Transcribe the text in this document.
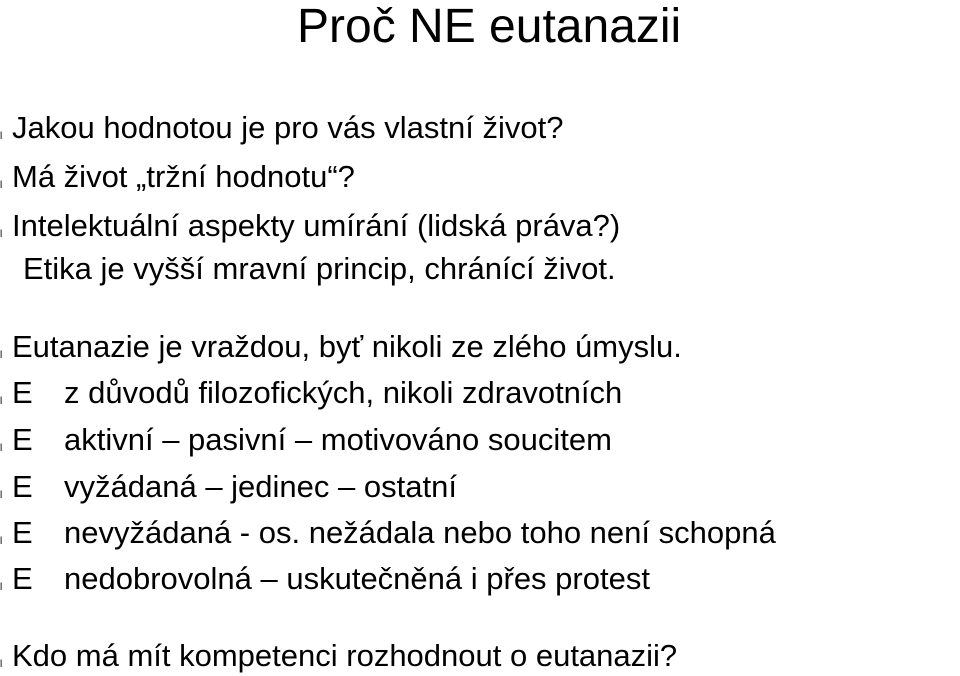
Proč NE eutanazii
l Jakou hodnotou je pro vás vlastní život?
l Má život „tržní hodnotu“?
l Intelektuální aspekty umírání (lidská práva?)
Etika je vyšší mravní princip, chránící život.
l Eutanazie je vraždou, byť nikoli ze zlého úmyslu.
l E z důvodů filozofických, nikoli zdravotních
l E aktivní – pasivní – motivováno soucitem
l E vyžádaná – jedinec – ostatní
l E nevyžádaná - os. nežádala nebo toho není schopná
l E nedobrovolná – uskutečněná i přes protest
l Kdo má mít kompetenci rozhodnout o eutanazii?
